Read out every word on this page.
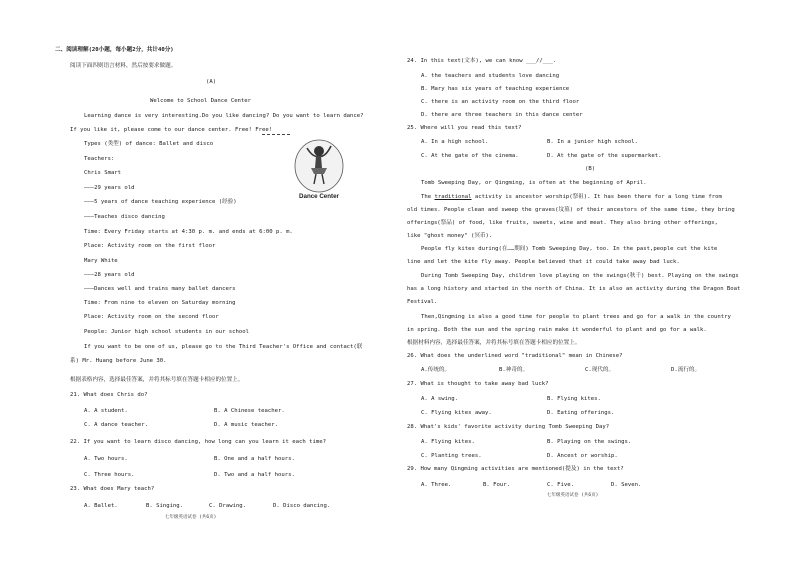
二、阅读理解(20小题，每小题2分，共计40分)
阅读下面四则语言材料，然后按要求做题。
(A)
Welcome to School Dance Center
Learning dance is very interesting.Do you like dancing? Do you want to learn dance?
If you like it, please come to our dance center. Free! Free!
Types (类型) of dance: Ballet and disco
Teachers:
Chris Smart
———29 years old
———5 years of dance teaching experience (经验)
———Teaches disco dancing
Time: Every Friday starts at 4:30 p. m. and ends at 6:00 p. m.
Place: Activity room on the first floor
Mary White
———28 years old
———Dances well and trains many ballet dancers
Time: From nine to eleven on Saturday morning
Place: Activity room on the second floor
People: Junior high school students in our school
If you want to be one of us, please go to the Third Teacher's Office and contact(联
系) Mr. Huang before June 30.
Dance Center
根据表格内容，选择最佳答案，并将其标号填在答题卡相应的位置上。
21. What does Chris do?
A. A student.	B. A Chinese teacher.
C. A dance teacher.	D. A music teacher.
22. If you want to learn disco dancing, how long can you learn it each time?
A. Two hours.	B. One and a half hours.
C. Three hours.	D. Two and a half hours.
23. What does Mary teach?
A. Ballet.	B. Singing.	C. Drawing.	D. Disco dancing.
七年级英语试卷 (共6页)
24. In this text(文本), we can know ___//___.
A. the teachers and students love dancing
B. Mary has six years of teaching experience
C. there is an activity room on the third floor
D. there are three teachers in this dance center
25. Where will you read this text?
A. In a high school.	B. In a junior high school.
C. At the gate of the cinema.	D. At the gate of the supermarket.
(B)
Tomb Sweeping Day, or Qingming, is often at the beginning of April.
The traditional activity is ancestor worship(祭祖). It has been there for a long time from
old times. People clean and sweep the graves(坟墓) of their ancestors of the same time, they bring
offerings(祭品) of food, like fruits, sweets, wine and meat. They also bring other offerings,
like "ghost money" (冥币).
People fly kites during(在……期间) Tomb Sweeping Day, too. In the past,people cut the kite
line and let the kite fly away. People believed that it could take away bad luck.
During Tomb Sweeping Day, children love playing on the swings(秋千) best. Playing on the swings
has a long history and started in the north of China. It is also an activity during the Dragon Boat
Festival.
Then,Qingming is also a good time for people to plant trees and go for a walk in the country
in spring. Both the sun and the spring rain make it wonderful to plant and go for a walk.
根据材料内容，选择最佳答案，并将其标号填在答题卡相应的位置上。
26. What does the underlined word "traditional" mean in Chinese?
A.传统的。	B.神奇的。	C.现代的。	D.流行的。
27. What is thought to take away bad luck?
A. A swing.	B. Flying kites.
C. Flying kites away.	D. Eating offerings.
28. What's kids' favorite activity during Tomb Sweeping Day?
A. Flying kites.	B. Playing on the swings.
C. Planting trees.	D. Ancest or worship.
29. How many Qingming activities are mentioned(提及) in the text?
A. Three.	B. Four.	C. Five.	D. Seven.
七年级英语试卷 (共6页)
